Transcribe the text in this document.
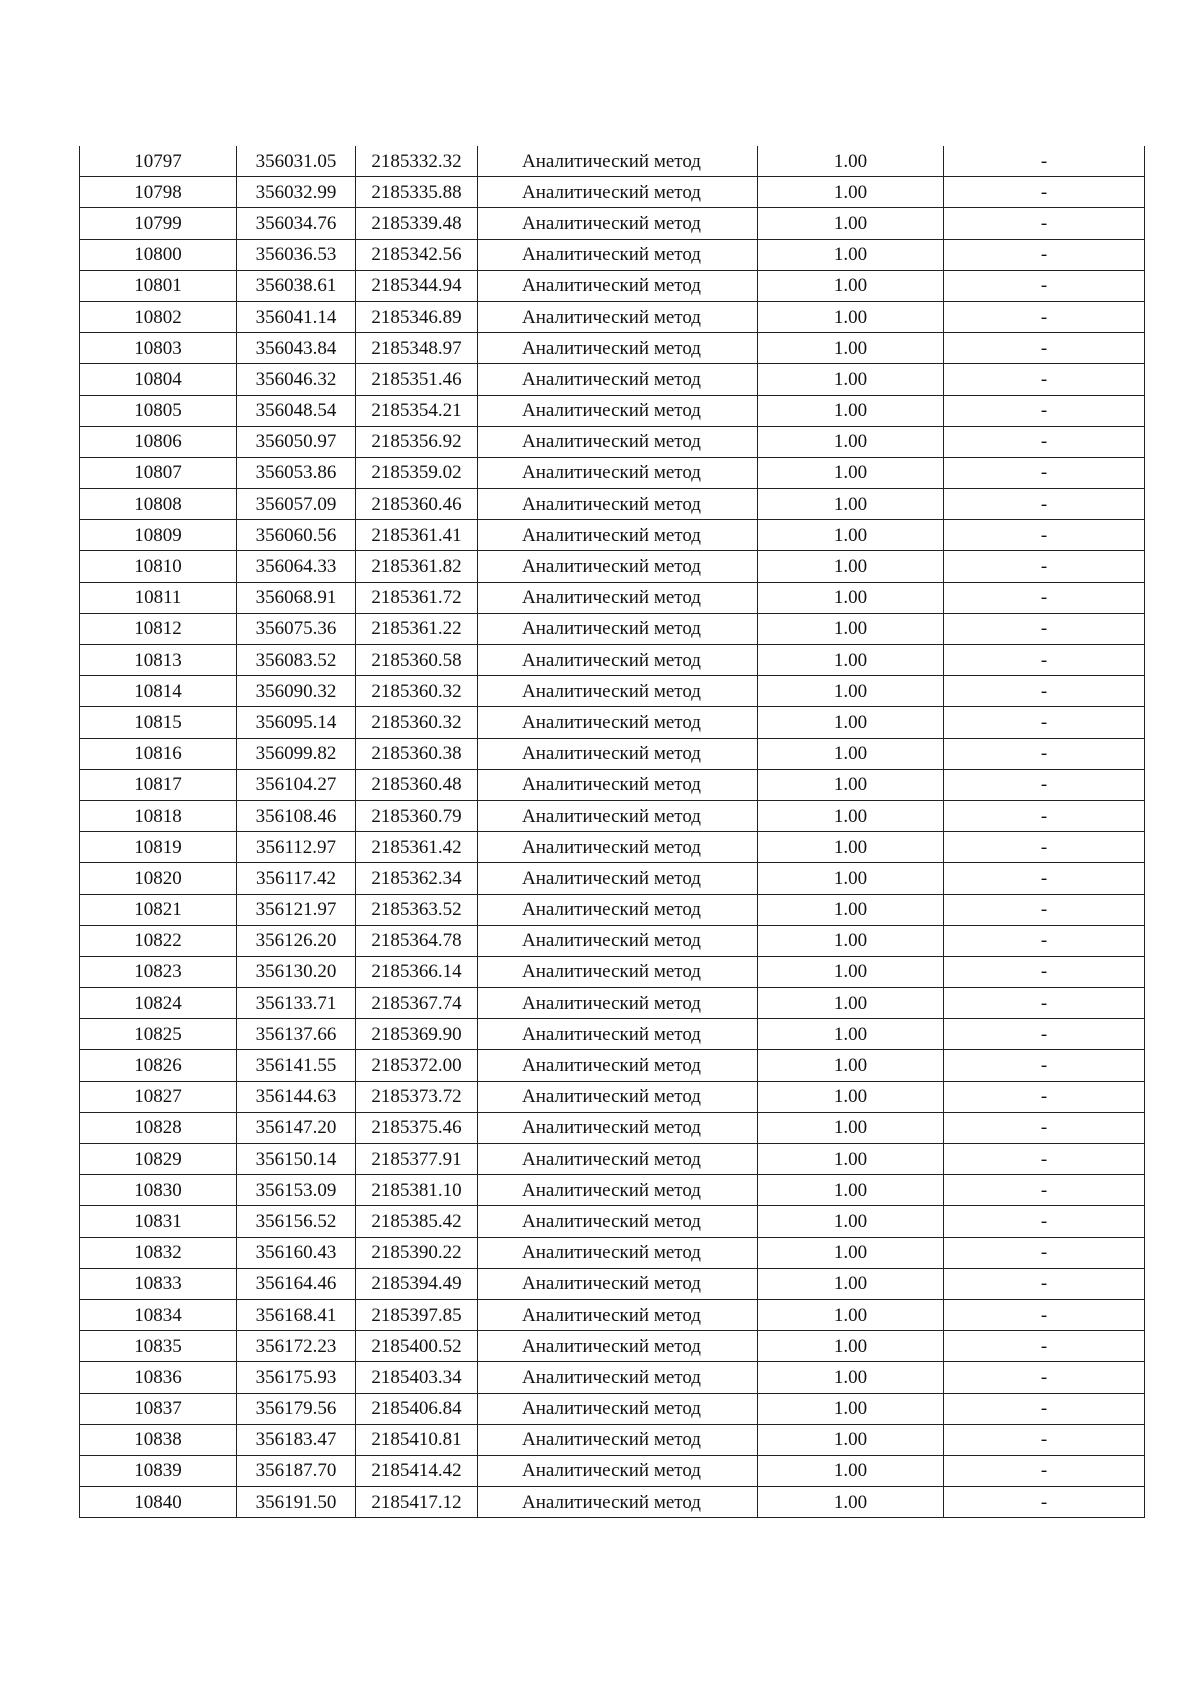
10797	356031.05	2185332.32	Аналитический метод	1.00	-
10798	356032.99	2185335.88	Аналитический метод	1.00	-
10799	356034.76	2185339.48	Аналитический метод	1.00	-
10800	356036.53	2185342.56	Аналитический метод	1.00	-
10801	356038.61	2185344.94	Аналитический метод	1.00	-
10802	356041.14	2185346.89	Аналитический метод	1.00	-
10803	356043.84	2185348.97	Аналитический метод	1.00	-
10804	356046.32	2185351.46	Аналитический метод	1.00	-
10805	356048.54	2185354.21	Аналитический метод	1.00	-
10806	356050.97	2185356.92	Аналитический метод	1.00	-
10807	356053.86	2185359.02	Аналитический метод	1.00	-
10808	356057.09	2185360.46	Аналитический метод	1.00	-
10809	356060.56	2185361.41	Аналитический метод	1.00	-
10810	356064.33	2185361.82	Аналитический метод	1.00	-
10811	356068.91	2185361.72	Аналитический метод	1.00	-
10812	356075.36	2185361.22	Аналитический метод	1.00	-
10813	356083.52	2185360.58	Аналитический метод	1.00	-
10814	356090.32	2185360.32	Аналитический метод	1.00	-
10815	356095.14	2185360.32	Аналитический метод	1.00	-
10816	356099.82	2185360.38	Аналитический метод	1.00	-
10817	356104.27	2185360.48	Аналитический метод	1.00	-
10818	356108.46	2185360.79	Аналитический метод	1.00	-
10819	356112.97	2185361.42	Аналитический метод	1.00	-
10820	356117.42	2185362.34	Аналитический метод	1.00	-
10821	356121.97	2185363.52	Аналитический метод	1.00	-
10822	356126.20	2185364.78	Аналитический метод	1.00	-
10823	356130.20	2185366.14	Аналитический метод	1.00	-
10824	356133.71	2185367.74	Аналитический метод	1.00	-
10825	356137.66	2185369.90	Аналитический метод	1.00	-
10826	356141.55	2185372.00	Аналитический метод	1.00	-
10827	356144.63	2185373.72	Аналитический метод	1.00	-
10828	356147.20	2185375.46	Аналитический метод	1.00	-
10829	356150.14	2185377.91	Аналитический метод	1.00	-
10830	356153.09	2185381.10	Аналитический метод	1.00	-
10831	356156.52	2185385.42	Аналитический метод	1.00	-
10832	356160.43	2185390.22	Аналитический метод	1.00	-
10833	356164.46	2185394.49	Аналитический метод	1.00	-
10834	356168.41	2185397.85	Аналитический метод	1.00	-
10835	356172.23	2185400.52	Аналитический метод	1.00	-
10836	356175.93	2185403.34	Аналитический метод	1.00	-
10837	356179.56	2185406.84	Аналитический метод	1.00	-
10838	356183.47	2185410.81	Аналитический метод	1.00	-
10839	356187.70	2185414.42	Аналитический метод	1.00	-
10840	356191.50	2185417.12	Аналитический метод	1.00	-
